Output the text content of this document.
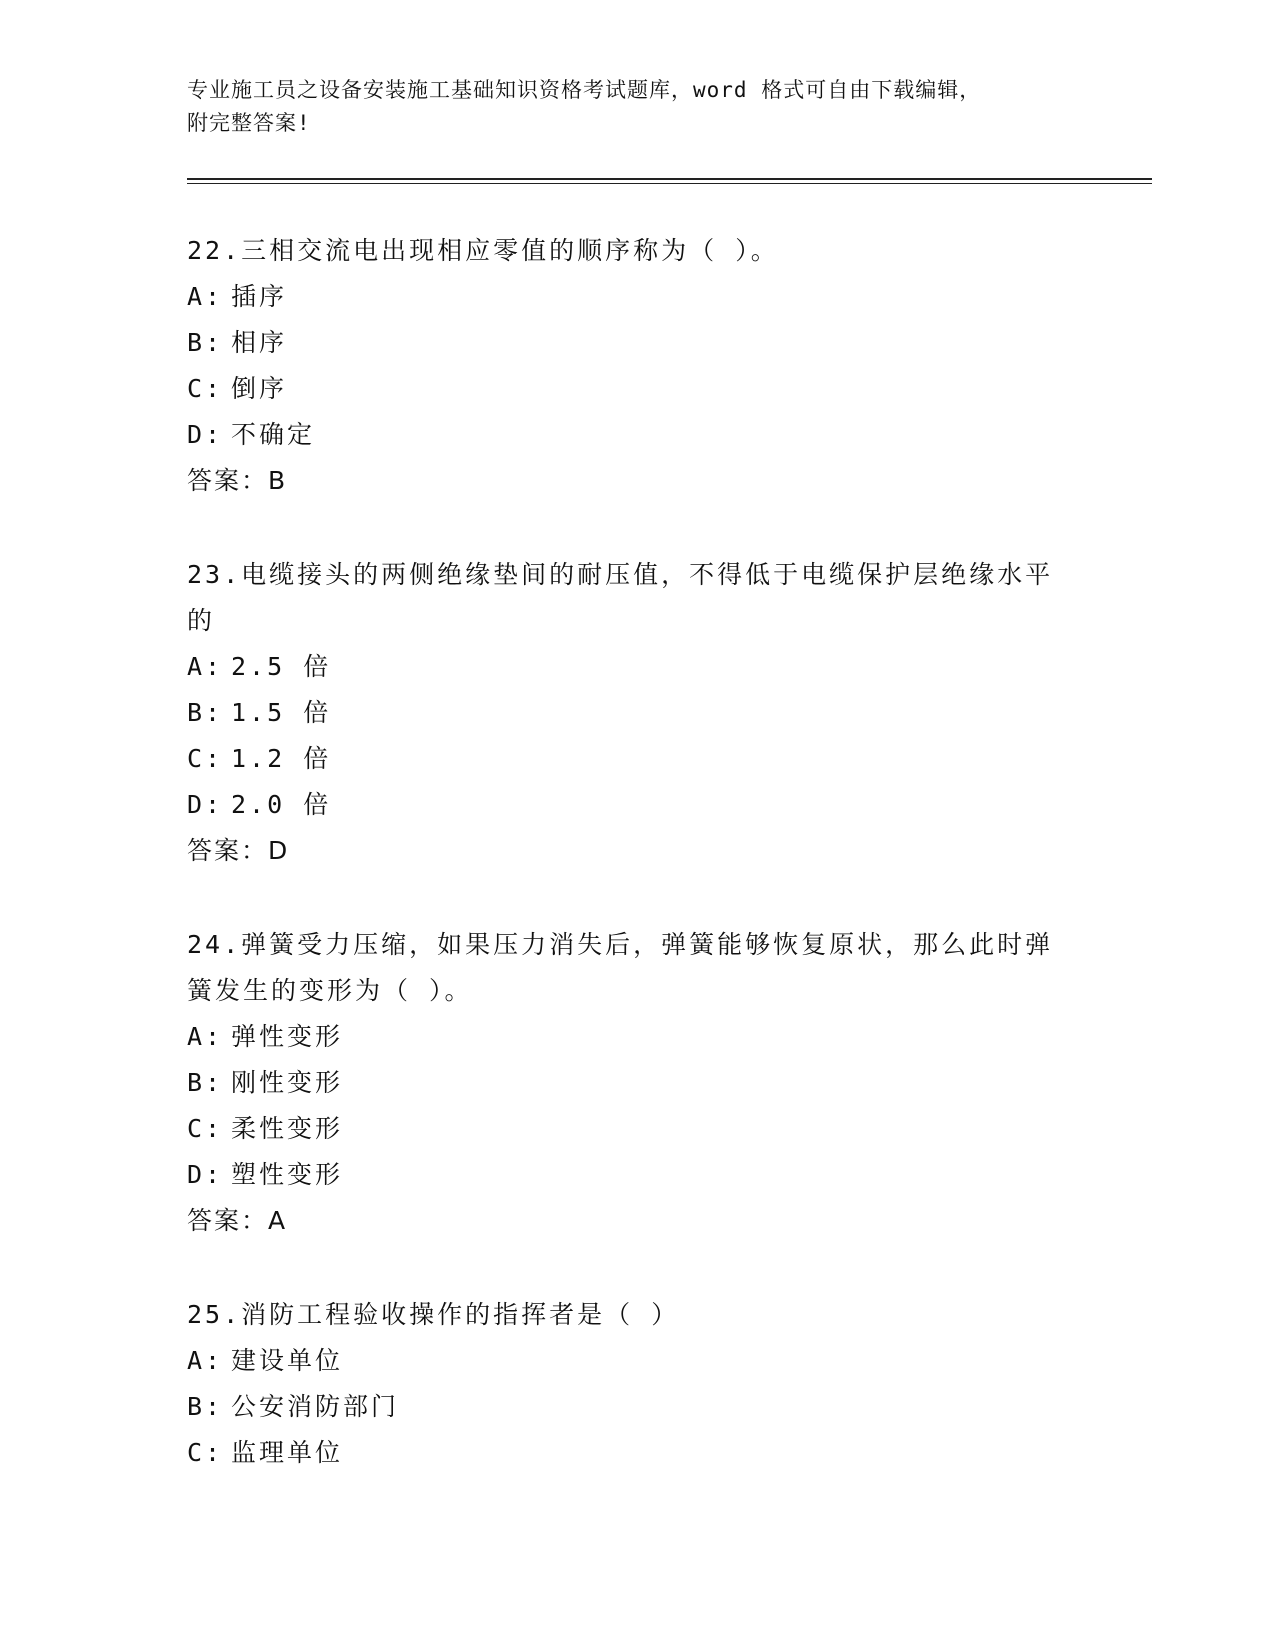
专业施工员之设备安装施工基础知识资格考试题库，word 格式可自由下载编辑，
附完整答案!
22.三相交流电出现相应零值的顺序称为（ ）。
A: 插序
B: 相序
C: 倒序
D: 不确定
答案：B
23.电缆接头的两侧绝缘垫间的耐压值，不得低于电缆保护层绝缘水平
的
A: 2.5 倍
B: 1.5 倍
C: 1.2 倍
D: 2.0 倍
答案：D
24.弹簧受力压缩，如果压力消失后，弹簧能够恢复原状，那么此时弹
簧发生的变形为（ ）。
A: 弹性变形
B: 刚性变形
C: 柔性变形
D: 塑性变形
答案：A
25.消防工程验收操作的指挥者是（ ）
A: 建设单位
B: 公安消防部门
C: 监理单位
